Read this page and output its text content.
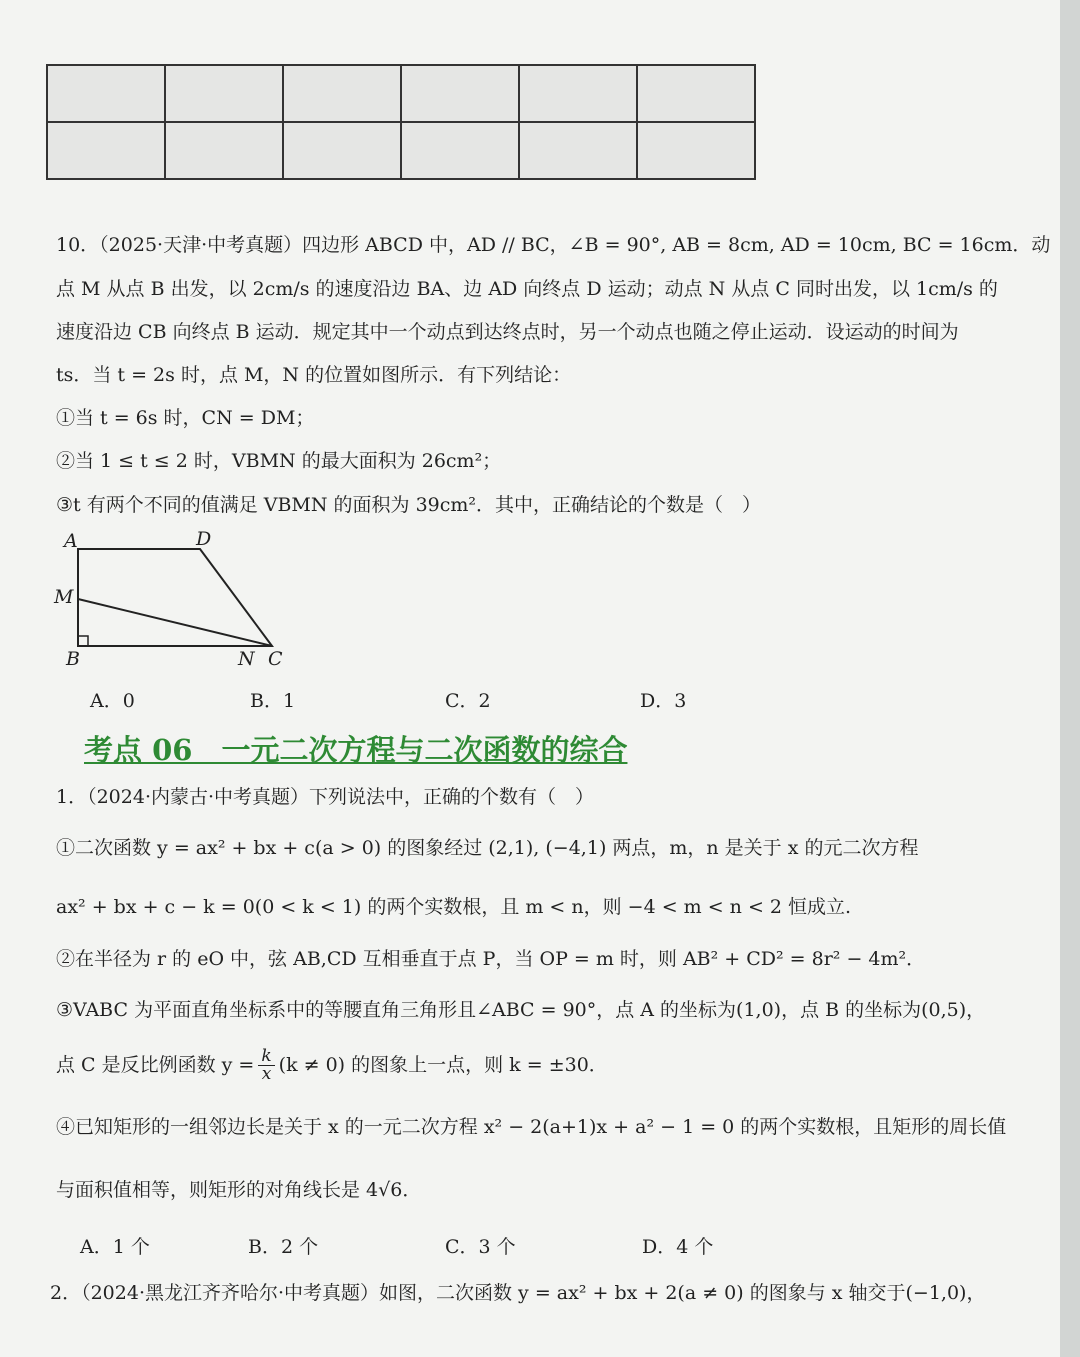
10．（2025·天津·中考真题）四边形 ABCD 中，AD // BC，∠B = 90°, AB = 8cm, AD = 10cm, BC = 16cm．动
点 M 从点 B 出发，以 2cm/s 的速度沿边 BA、边 AD 向终点 D 运动；动点 N 从点 C 同时出发，以 1cm/s 的
速度沿边 CB 向终点 B 运动．规定其中一个动点到达终点时，另一个动点也随之停止运动．设运动的时间为
ts．当 t = 2s 时，点 M，N 的位置如图所示．有下列结论：
①当 t = 6s 时，CN = DM；
②当 1 ≤ t ≤ 2 时，VBMN 的最大面积为 26cm²；
③t 有两个不同的值满足 VBMN 的面积为 39cm²．其中，正确结论的个数是（　）
A	D
M
B	N C
A．0	B．1	C．2	D．3
考点 06　一元二次方程与二次函数的综合
1．（2024·内蒙古·中考真题）下列说法中，正确的个数有（　）
①二次函数 y = ax² + bx + c(a > 0) 的图象经过 (2,1), (−4,1) 两点，m，n 是关于 x 的元二次方程
ax² + bx + c − k = 0(0 < k < 1) 的两个实数根，且 m < n，则 −4 < m < n < 2 恒成立.
②在半径为 r 的 eO 中，弦 AB,CD 互相垂直于点 P，当 OP = m 时，则 AB² + CD² = 8r² − 4m²．
③VABC 为平面直角坐标系中的等腰直角三角形且∠ABC = 90°，点 A 的坐标为(1,0)，点 B 的坐标为(0,5)，
点 C 是反比例函数 $y = \frac{k}{x} (k \ne 0)$ 的图象上一点，则 k = ±30．
④已知矩形的一组邻边长是关于 x 的一元二次方程 x² − 2(a+1)x + a² − 1 = 0 的两个实数根，且矩形的周长值
与面积值相等，则矩形的对角线长是 4√6．
A．1 个	B．2 个	C．3 个	D．4 个
2．（2024·黑龙江齐齐哈尔·中考真题）如图，二次函数 y = ax² + bx + 2(a ≠ 0) 的图象与 x 轴交于(−1,0)，
